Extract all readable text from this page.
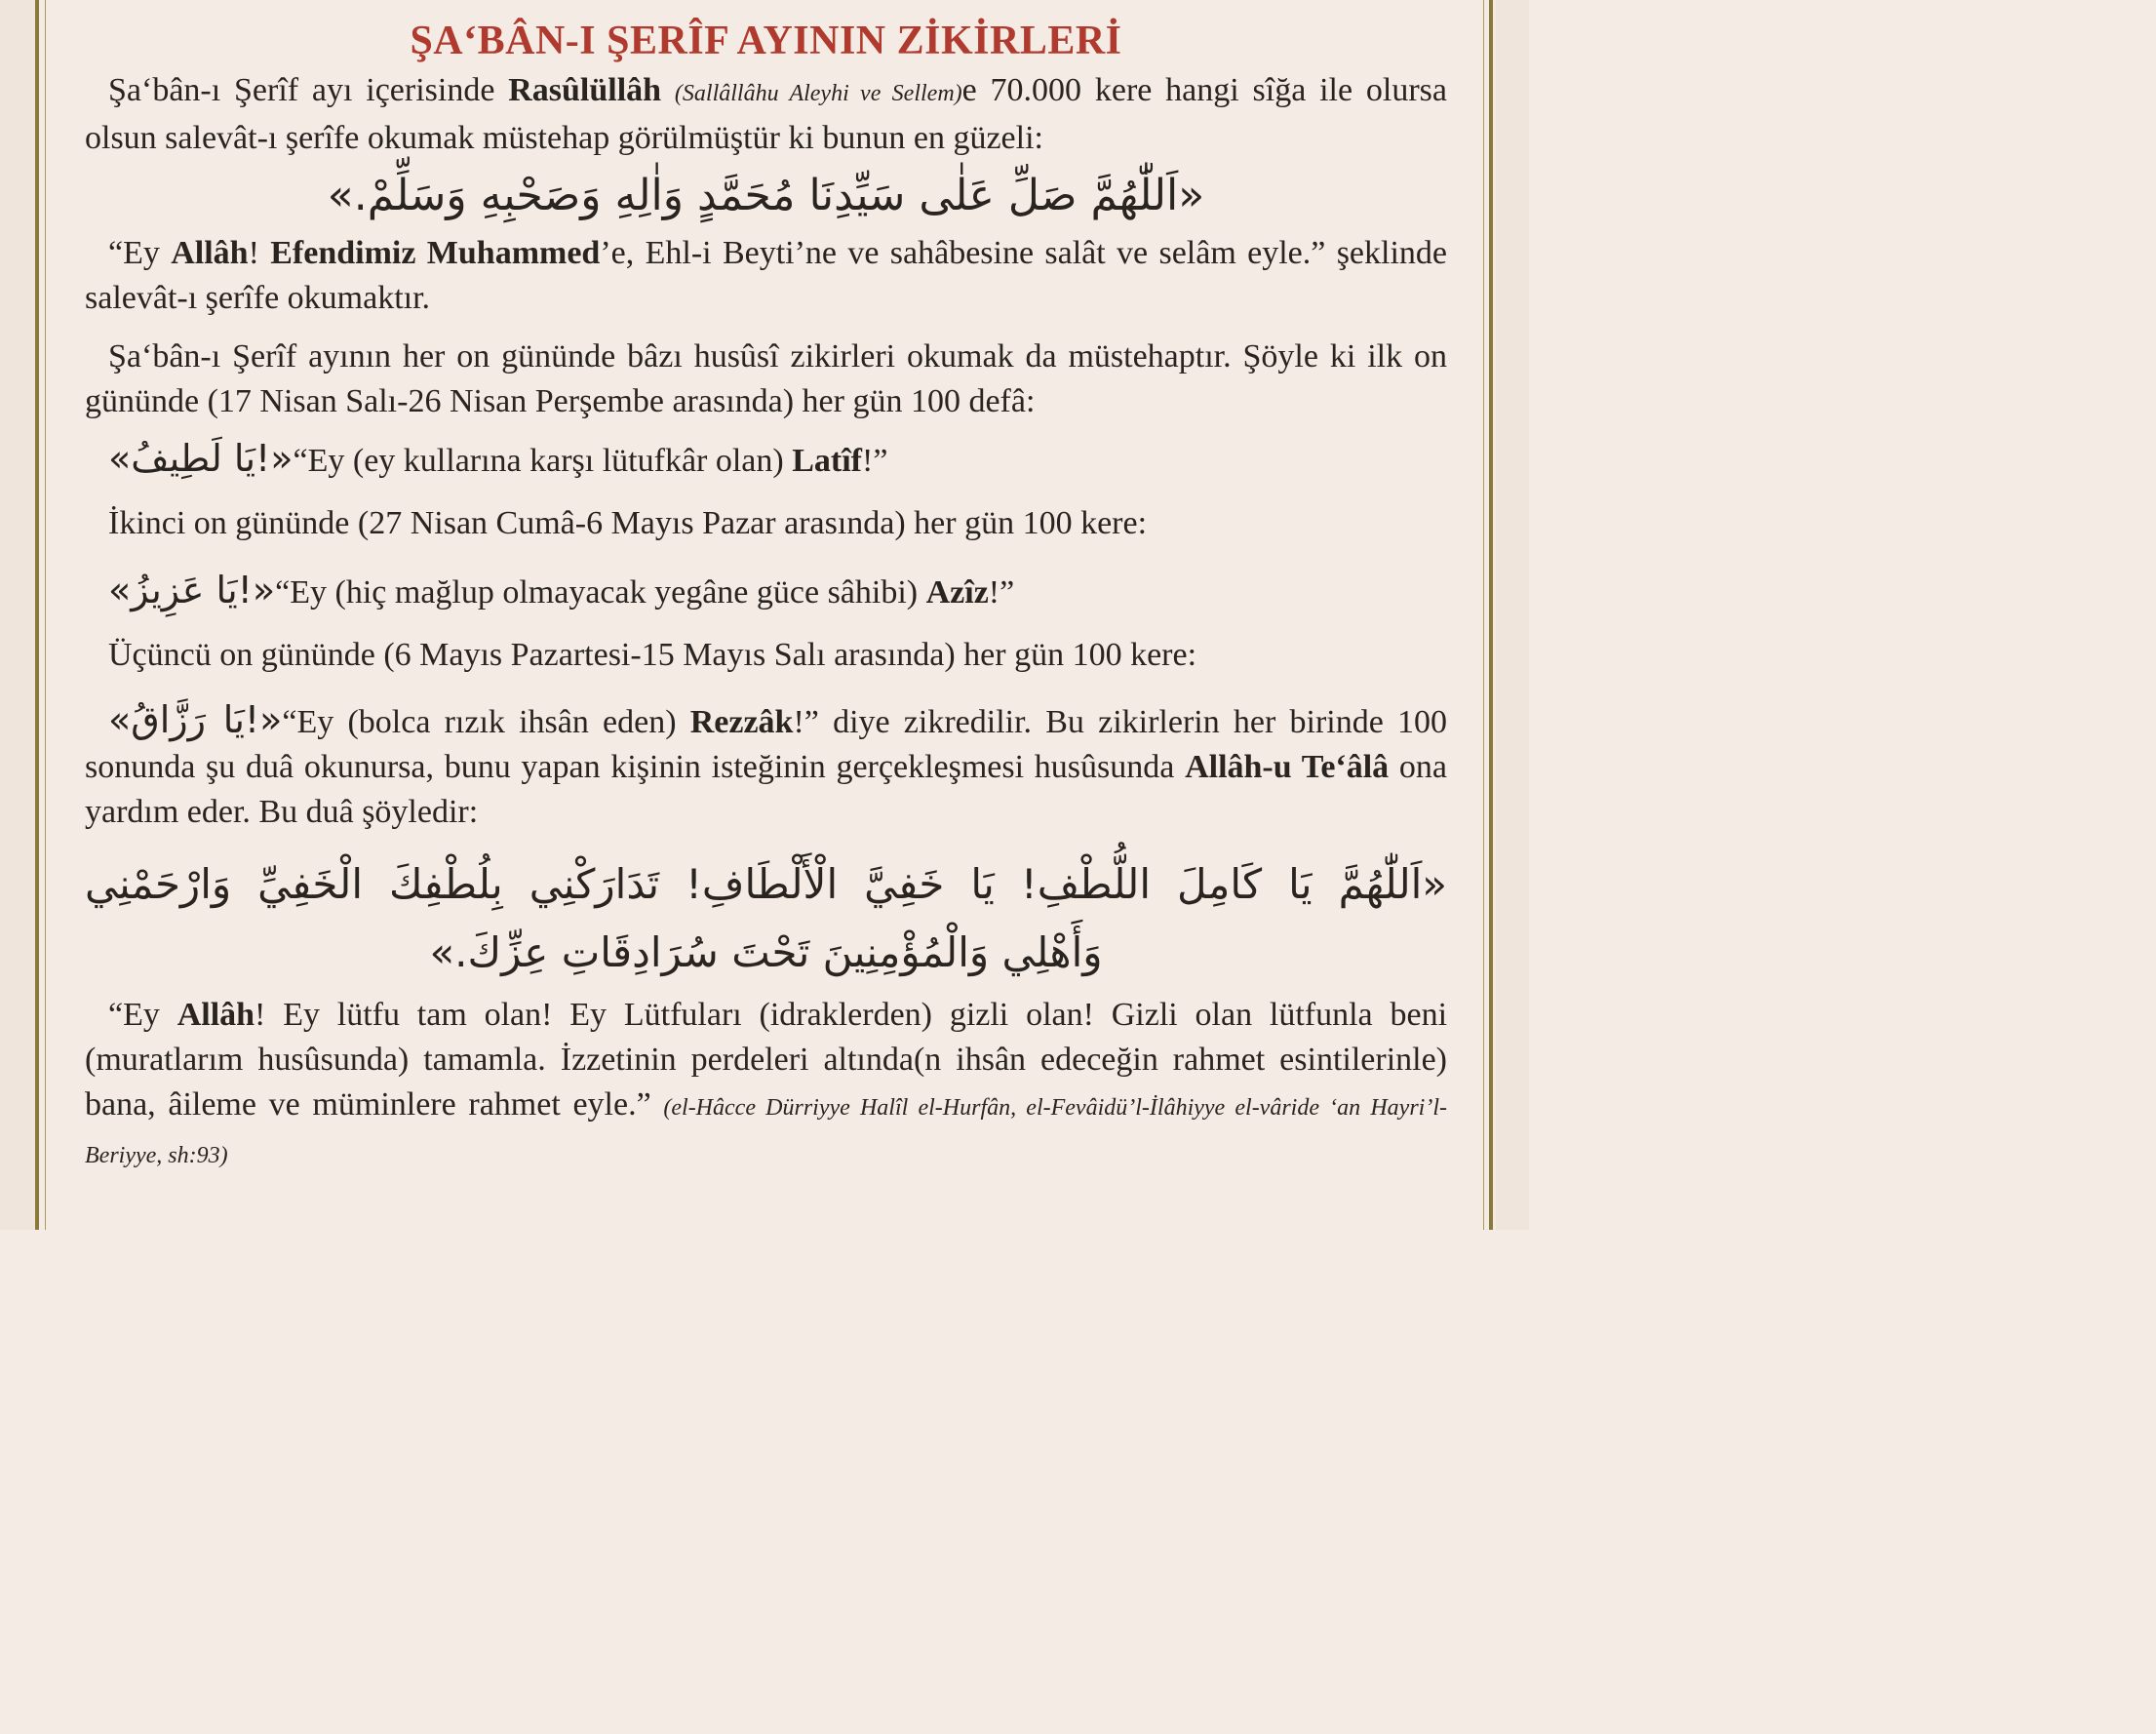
ŞA‘BÂN-I ŞERÎF AYININ ZİKİRLERİ

Şa‘bân-ı Şerîf ayı içerisinde Rasûlüllâh (Sallâllâhu Aleyhi ve Sellem)e 70.000 kere hangi sîğa ile olursa olsun salevât-ı şerîfe okumak müstehap görülmüştür ki bunun en güzeli:

«اَللّٰهُمَّ صَلِّ عَلٰى سَيِّدِنَا مُحَمَّدٍ وَاٰلِهِ وَصَحْبِهِ وَسَلِّمْ.»

“Ey Allâh! Efendimiz Muhammed’e, Ehl-i Beyti’ne ve sahâbesine salât ve selâm eyle.” şeklinde salevât-ı şerîfe okumaktır.

Şa‘bân-ı Şerîf ayının her on gününde bâzı husûsî zikirleri okumak da müstehaptır. Şöyle ki ilk on gününde (17 Nisan Salı-26 Nisan Perşembe arasında) her gün 100 defâ:

«يَا لَطِيفُ!»“Ey (ey kullarına karşı lütufkâr olan) Latîf!”

İkinci on gününde (27 Nisan Cumâ-6 Mayıs Pazar arasında) her gün 100 kere:

«يَا عَزِيزُ!»“Ey (hiç mağlup olmayacak yegâne güce sâhibi) Azîz!”

Üçüncü on gününde (6 Mayıs Pazartesi-15 Mayıs Salı arasında) her gün 100 kere:

«يَا رَزَّاقُ!»“Ey (bolca rızık ihsân eden) Rezzâk!” diye zikredilir. Bu zikirlerin her birinde 100 sonunda şu duâ okunursa, bunu yapan kişinin isteğinin gerçekleşmesi husûsunda Allâh-u Te‘âlâ ona yardım eder. Bu duâ şöyledir:

«اَللّٰهُمَّ يَا كَامِلَ اللُّطْفِ! يَا خَفِيَّ الْأَلْطَافِ! تَدَارَكْنِي بِلُطْفِكَ الْخَفِيِّ وَارْحَمْنِي
وَأَهْلِي وَالْمُؤْمِنِينَ تَحْتَ سُرَادِقَاتِ عِزِّكَ.»

“Ey Allâh! Ey lütfu tam olan! Ey Lütfuları (idraklerden) gizli olan! Gizli olan lütfunla beni (muratlarım husûsunda) tamamla. İzzetinin perdeleri altında(n ihsân edeceğin rahmet esintilerinle) bana, âileme ve müminlere rahmet eyle.” (el-Hâcce Dürriyye Halîl el-Hurfân, el-Fevâidü’l-İlâhiyye el-vâride ‘an Hayri’l-Beriyye, sh:93)
